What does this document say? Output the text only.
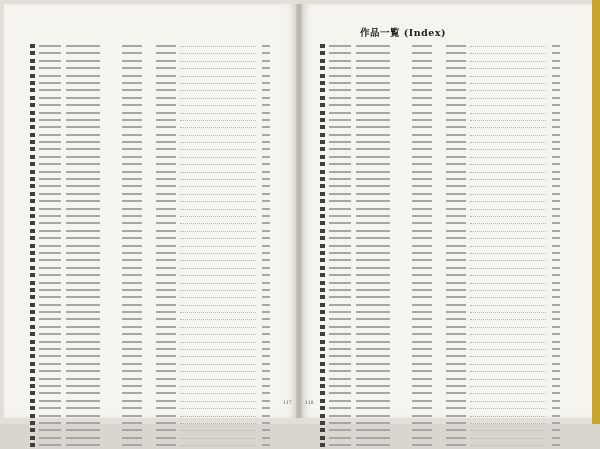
作品一覧 (Index)
117	118
